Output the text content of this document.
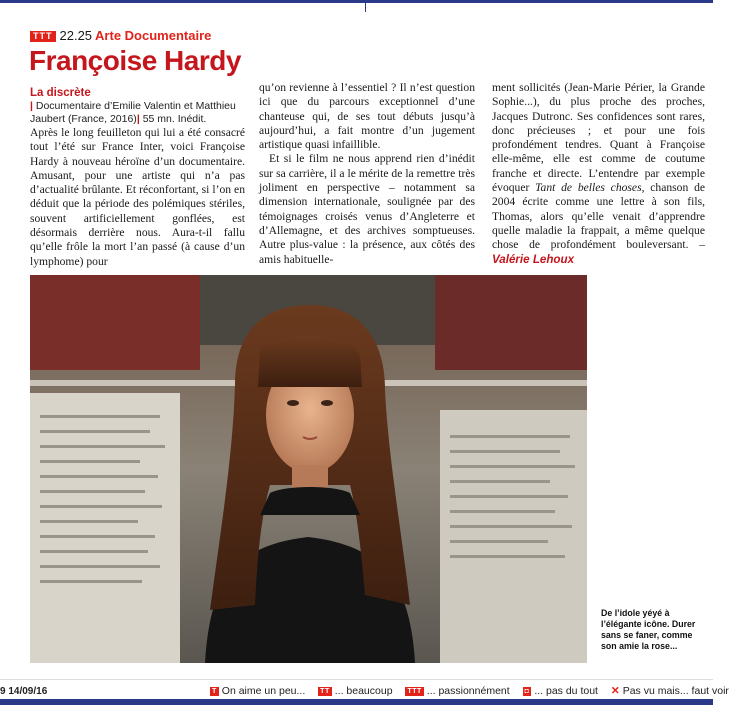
TTT 22.25 Arte Documentaire
Françoise Hardy

La discrète

| Documentaire d’Emilie Valentin et Matthieu Jaubert (France, 2016)| 55 mn. Inédit.

Après le long feuilleton qui lui a été consacré tout l’été sur France Inter, voici Françoise Hardy à nouveau héroïne d’un documentaire. Amusant, pour une artiste qui n’a pas d’actualité brûlante. Et réconfortant, si l’on en déduit que la période des polémiques stériles, souvent artificiellement gonflées, est désormais derrière nous. Aura-t-il fallu qu’elle frôle la mort l’an passé (à cause d’un lymphome) pour

qu’on revienne à l’essentiel ? Il n’est question ici que du parcours exceptionnel d’une chanteuse qui, de ses tout débuts jusqu’à aujourd’hui, a fait montre d’un jugement artistique quasi infaillible.

Et si le film ne nous apprend rien d’inédit sur sa carrière, il a le mérite de la remettre très joliment en perspective – notamment sa dimension internationale, soulignée par des témoignages croisés venus d’Angleterre et d’Allemagne, et des archives somptueuses. Autre plus-value : la présence, aux côtés des amis habituelle-

ment sollicités (Jean-Marie Périer, la Grande Sophie...), du plus proche des proches, Jacques Dutronc. Ses confidences sont rares, donc précieuses ; et pour une fois profondément tendres. Quant à Françoise elle-même, elle est comme de coutume franche et directe. L’entendre par exemple évoquer Tant de belles choses, chanson de 2004 écrite comme une lettre à son fils, Thomas, alors qu’elle venait d’apprendre quelle maladie la frappait, a même quelque chose de profondément bouleversant. – Valérie Lehoux

De l’idole yéyé à l’élégante icône. Durer sans se faner, comme son amie la rose...
9 14/09/16	T On aime un peu... TT ... beaucoup TTT ... passionnément ◘ ... pas du tout ✕ Pas vu mais... faut voir
